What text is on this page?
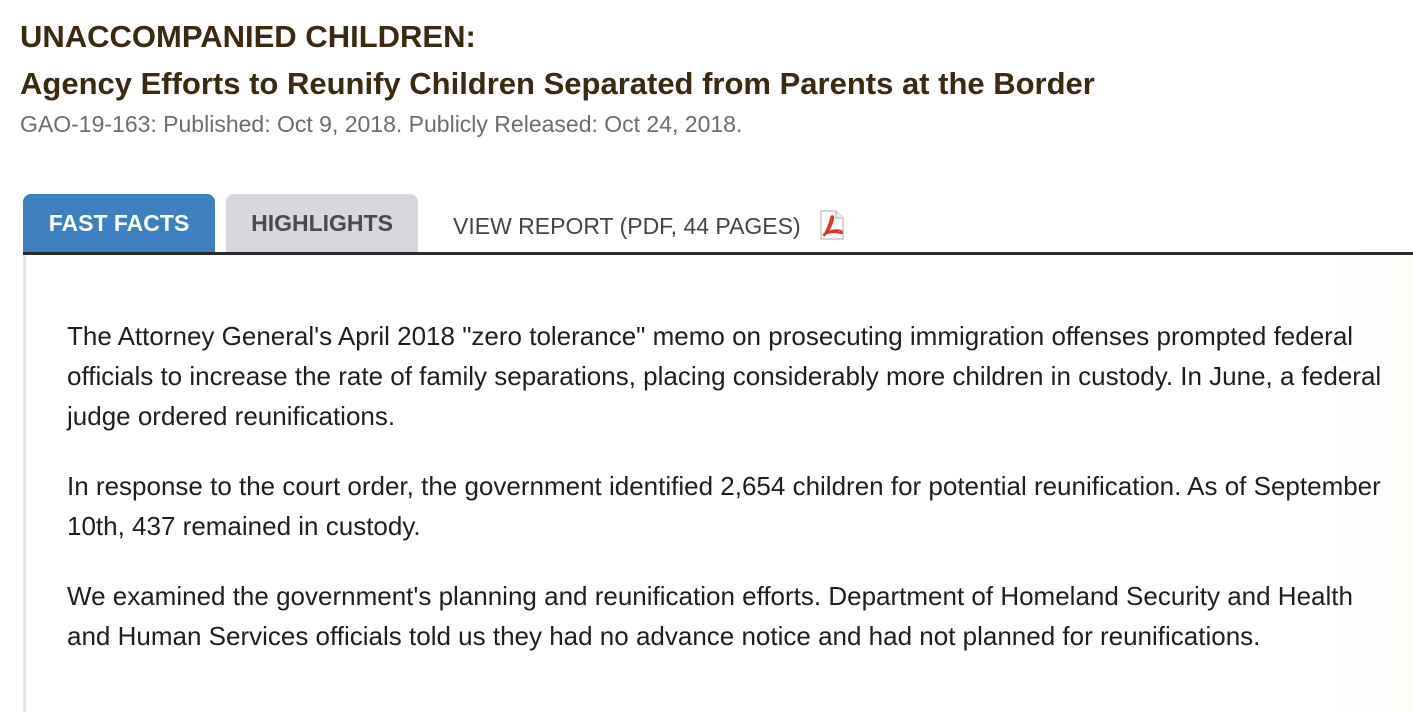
UNACCOMPANIED CHILDREN:
Agency Efforts to Reunify Children Separated from Parents at the Border
GAO-19-163: Published: Oct 9, 2018. Publicly Released: Oct 24, 2018.
FAST FACTS	HIGHLIGHTS	VIEW REPORT (PDF, 44 PAGES)

The Attorney General's April 2018 "zero tolerance" memo on prosecuting immigration offenses prompted federal officials to increase the rate of family separations, placing considerably more children in custody. In June, a federal judge ordered reunifications.

In response to the court order, the government identified 2,654 children for potential reunification. As of September 10th, 437 remained in custody.

We examined the government's planning and reunification efforts. Department of Homeland Security and Health and Human Services officials told us they had no advance notice and had not planned for reunifications.
